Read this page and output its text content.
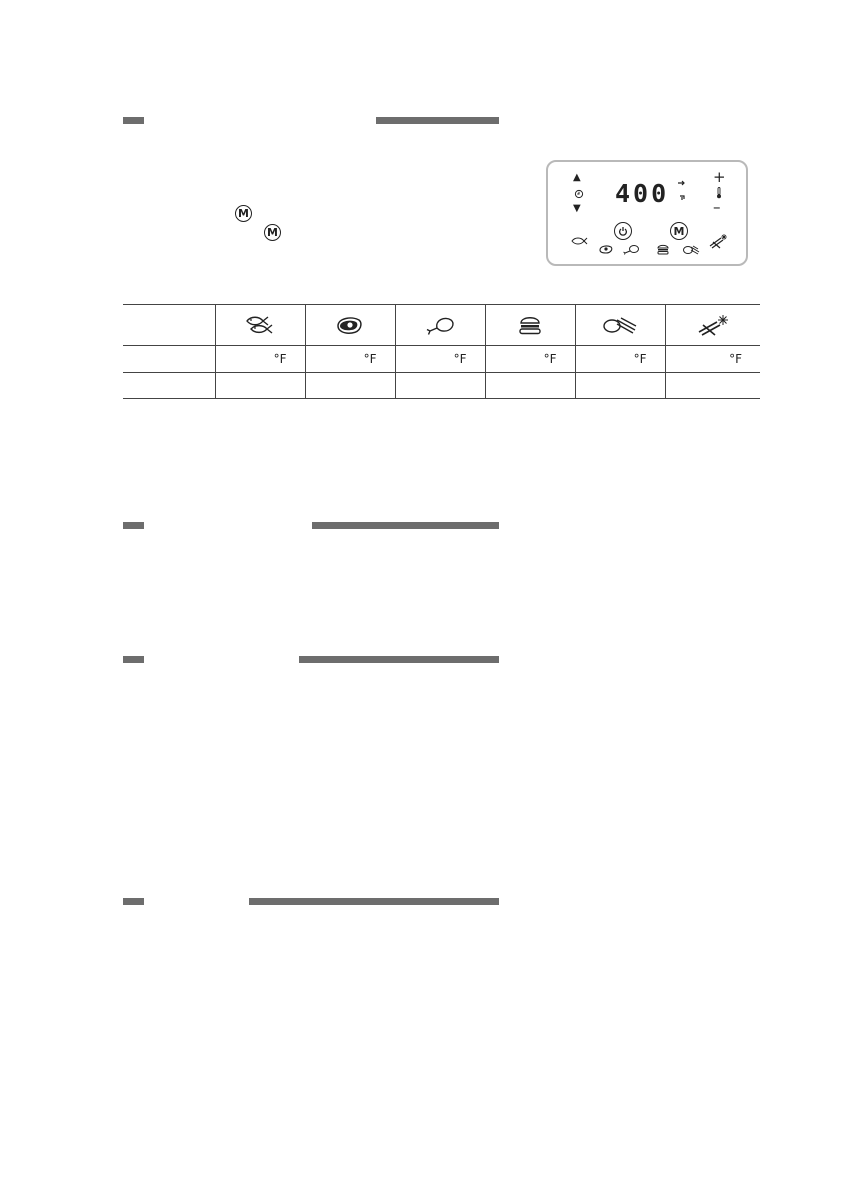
M
M
▲
▼
400
+
–
M

	°F	°F	°F	°F	°F	°F
